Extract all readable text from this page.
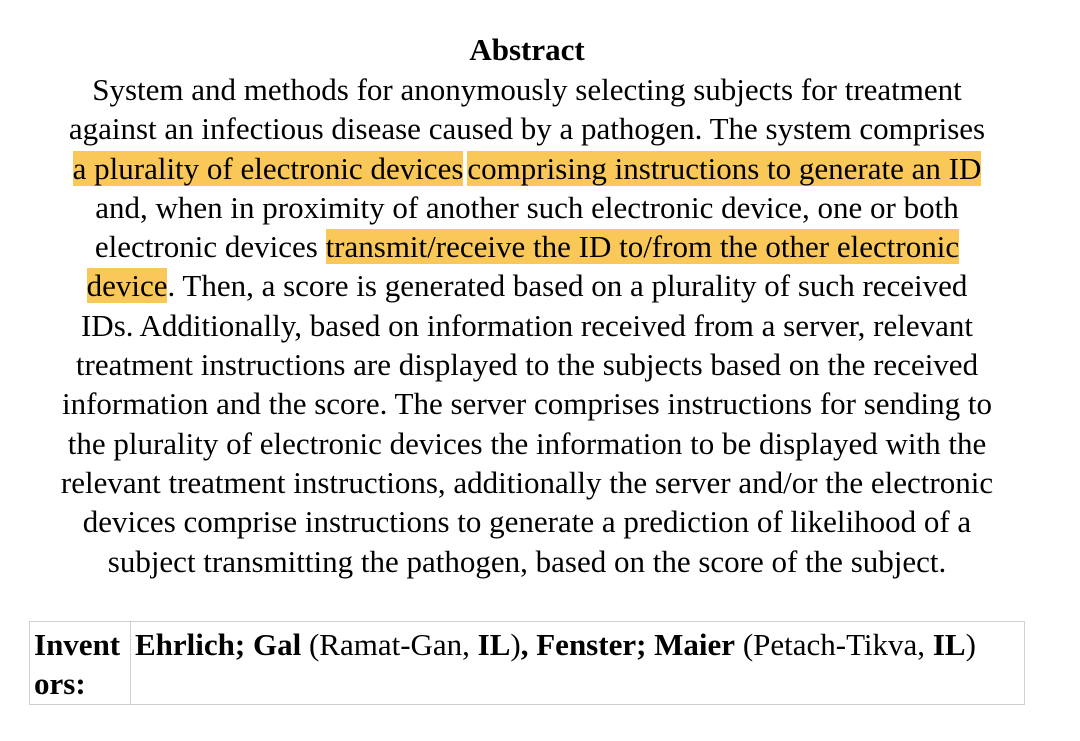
Abstract
System and methods for anonymously selecting subjects for treatment
against an infectious disease caused by a pathogen. The system comprises
a plurality of electronic devices comprising instructions to generate an ID
and, when in proximity of another such electronic device, one or both
electronic devices transmit/receive the ID to/from the other electronic
device. Then, a score is generated based on a plurality of such received
IDs. Additionally, based on information received from a server, relevant
treatment instructions are displayed to the subjects based on the received
information and the score. The server comprises instructions for sending to
the plurality of electronic devices the information to be displayed with the
relevant treatment instructions, additionally the server and/or the electronic
devices comprise instructions to generate a prediction of likelihood of a
subject transmitting the pathogen, based on the score of the subject.
Inventors:	Ehrlich; Gal (Ramat-Gan, IL), Fenster; Maier (Petach-Tikva, IL)
